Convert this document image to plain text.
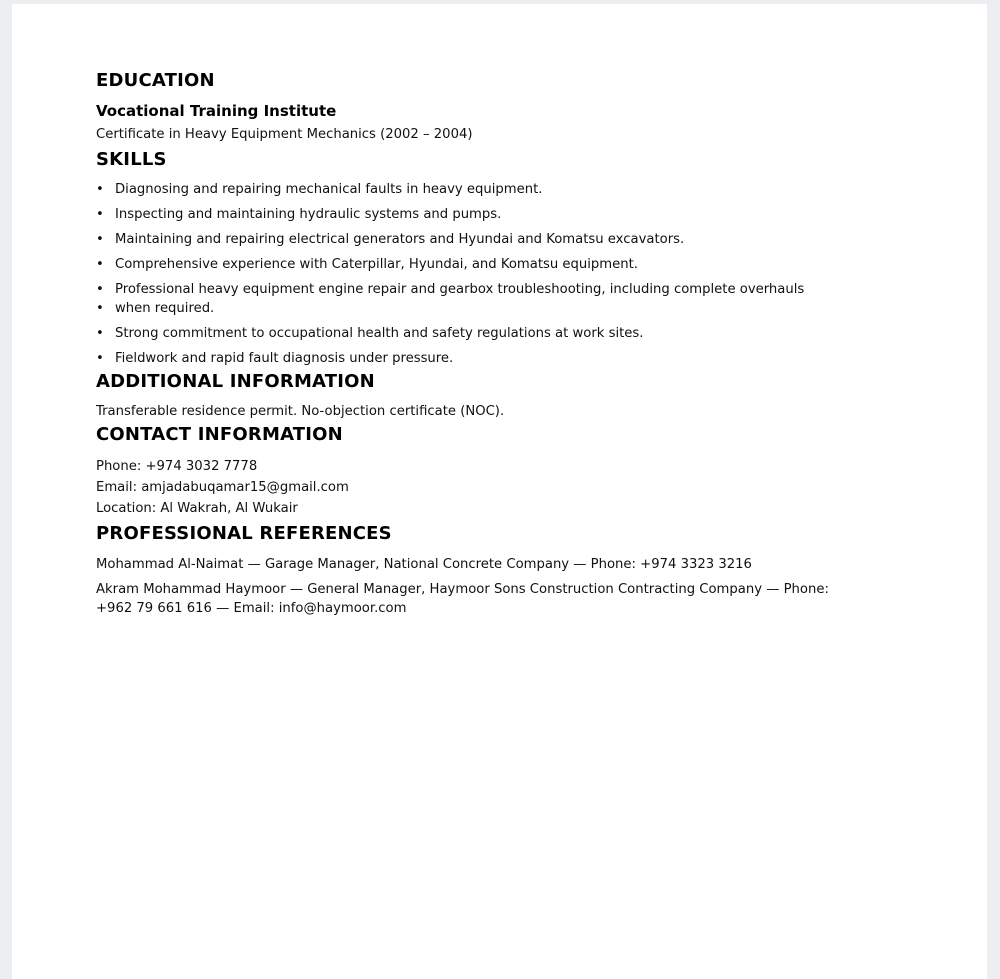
EDUCATION
Vocational Training Institute
Certificate in Heavy Equipment Mechanics (2002 – 2004)
SKILLS
• Diagnosing and repairing mechanical faults in heavy equipment.
• Inspecting and maintaining hydraulic systems and pumps.
• Maintaining and repairing electrical generators and Hyundai and Komatsu excavators.
• Comprehensive experience with Caterpillar, Hyundai, and Komatsu equipment.
• Professional heavy equipment engine repair and gearbox troubleshooting, including complete overhauls
• when required.
• Strong commitment to occupational health and safety regulations at work sites.
• Fieldwork and rapid fault diagnosis under pressure.
ADDITIONAL INFORMATION
Transferable residence permit. No-objection certificate (NOC).
CONTACT INFORMATION
Phone: +974 3032 7778
Email: amjadabuqamar15@gmail.com
Location: Al Wakrah, Al Wukair
PROFESSIONAL REFERENCES
Mohammad Al-Naimat — Garage Manager, National Concrete Company — Phone: +974 3323 3216
Akram Mohammad Haymoor — General Manager, Haymoor Sons Construction Contracting Company — Phone:
+962 79 661 616 — Email: info@haymoor.com
